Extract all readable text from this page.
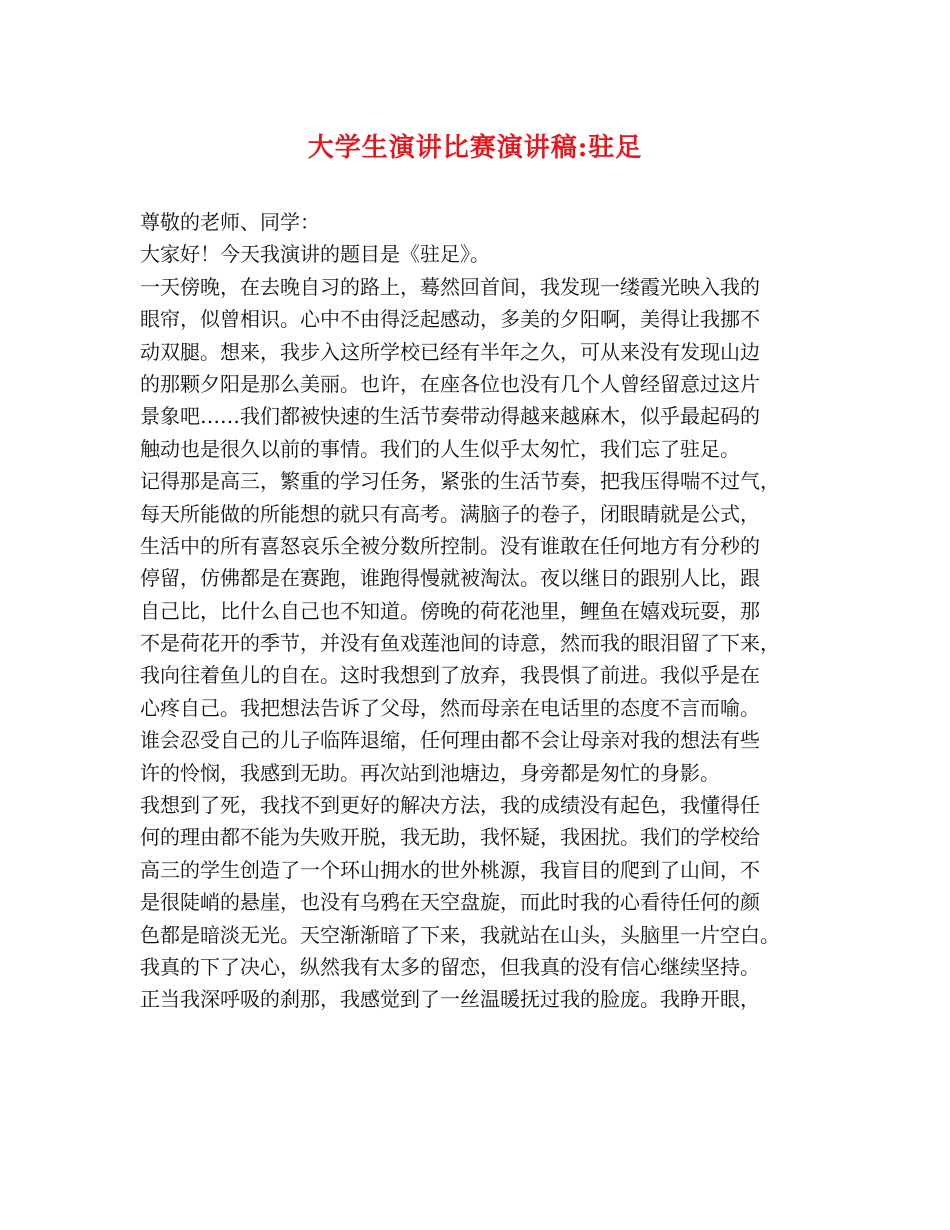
大学生演讲比赛演讲稿:驻足
尊敬的老师、同学：
大家好！今天我演讲的题目是《驻足》。
一天傍晚，在去晚自习的路上，蓦然回首间，我发现一缕霞光映入我的
眼帘，似曾相识。心中不由得泛起感动，多美的夕阳啊，美得让我挪不
动双腿。想来，我步入这所学校已经有半年之久，可从来没有发现山边
的那颗夕阳是那么美丽。也许，在座各位也没有几个人曾经留意过这片
景象吧……我们都被快速的生活节奏带动得越来越麻木，似乎最起码的
触动也是很久以前的事情。我们的人生似乎太匆忙，我们忘了驻足。
记得那是高三，繁重的学习任务，紧张的生活节奏，把我压得喘不过气，
每天所能做的所能想的就只有高考。满脑子的卷子，闭眼睛就是公式，
生活中的所有喜怒哀乐全被分数所控制。没有谁敢在任何地方有分秒的
停留，仿佛都是在赛跑，谁跑得慢就被淘汰。夜以继日的跟别人比，跟
自己比，比什么自己也不知道。傍晚的荷花池里，鲤鱼在嬉戏玩耍，那
不是荷花开的季节，并没有鱼戏莲池间的诗意，然而我的眼泪留了下来，
我向往着鱼儿的自在。这时我想到了放弃，我畏惧了前进。我似乎是在
心疼自己。我把想法告诉了父母，然而母亲在电话里的态度不言而喻。
谁会忍受自己的儿子临阵退缩，任何理由都不会让母亲对我的想法有些
许的怜悯，我感到无助。再次站到池塘边，身旁都是匆忙的身影。
我想到了死，我找不到更好的解决方法，我的成绩没有起色，我懂得任
何的理由都不能为失败开脱，我无助，我怀疑，我困扰。我们的学校给
高三的学生创造了一个环山拥水的世外桃源，我盲目的爬到了山间，不
是很陡峭的悬崖，也没有乌鸦在天空盘旋，而此时我的心看待任何的颜
色都是暗淡无光。天空渐渐暗了下来，我就站在山头，头脑里一片空白。
我真的下了决心，纵然我有太多的留恋，但我真的没有信心继续坚持。
正当我深呼吸的刹那，我感觉到了一丝温暖抚过我的脸庞。我睁开眼，
